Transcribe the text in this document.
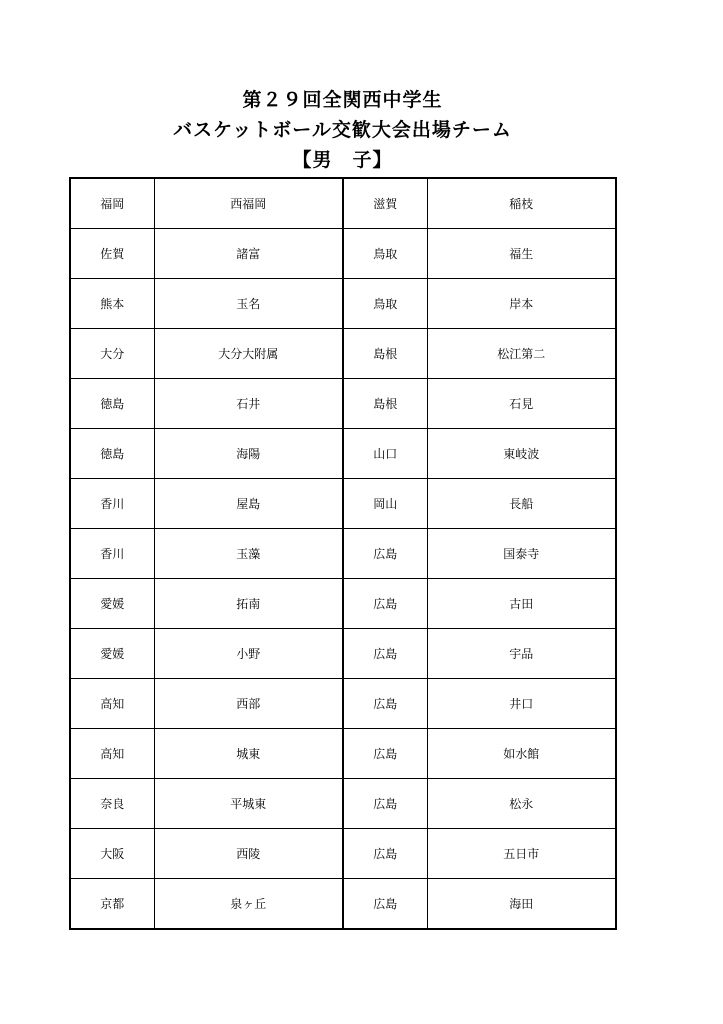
第２９回全関西中学生
バスケットボール交歓大会出場チーム
【男　子】
福岡	西福岡	滋賀	稲枝
佐賀	諸富	鳥取	福生
熊本	玉名	鳥取	岸本
大分	大分大附属	島根	松江第二
徳島	石井	島根	石見
徳島	海陽	山口	東岐波
香川	屋島	岡山	長船
香川	玉藻	広島	国泰寺
愛媛	拓南	広島	古田
愛媛	小野	広島	宇品
高知	西部	広島	井口
高知	城東	広島	如水館
奈良	平城東	広島	松永
大阪	西陵	広島	五日市
京都	泉ヶ丘	広島	海田
